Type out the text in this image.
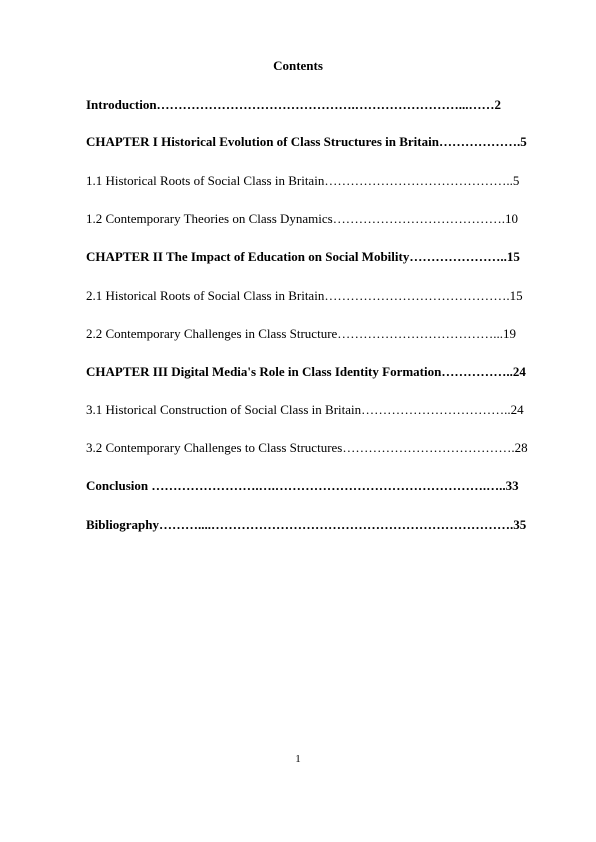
Contents
Introduction……………………………………….……………………...……2
CHAPTER I Historical Evolution of Class Structures in Britain……………….5
1.1 Historical Roots of Social Class in Britain……………………………………..5
1.2 Contemporary Theories on Class Dynamics………………………………….10
CHAPTER II The Impact of Education on Social Mobility…………………..15
2.1 Historical Roots of Social Class in Britain…………………………………….15
2.2 Contemporary Challenges in Class Structure………………………………...19
CHAPTER III Digital Media's Role in Class Identity Formation……………..24
3.1 Historical Construction of Social Class in Britain……………………………..24
3.2 Contemporary Challenges to Class Structures………………………………….28
Conclusion …………………….….………………………………………….…..33
Bibliography………....…………………………………………………………….35
1
